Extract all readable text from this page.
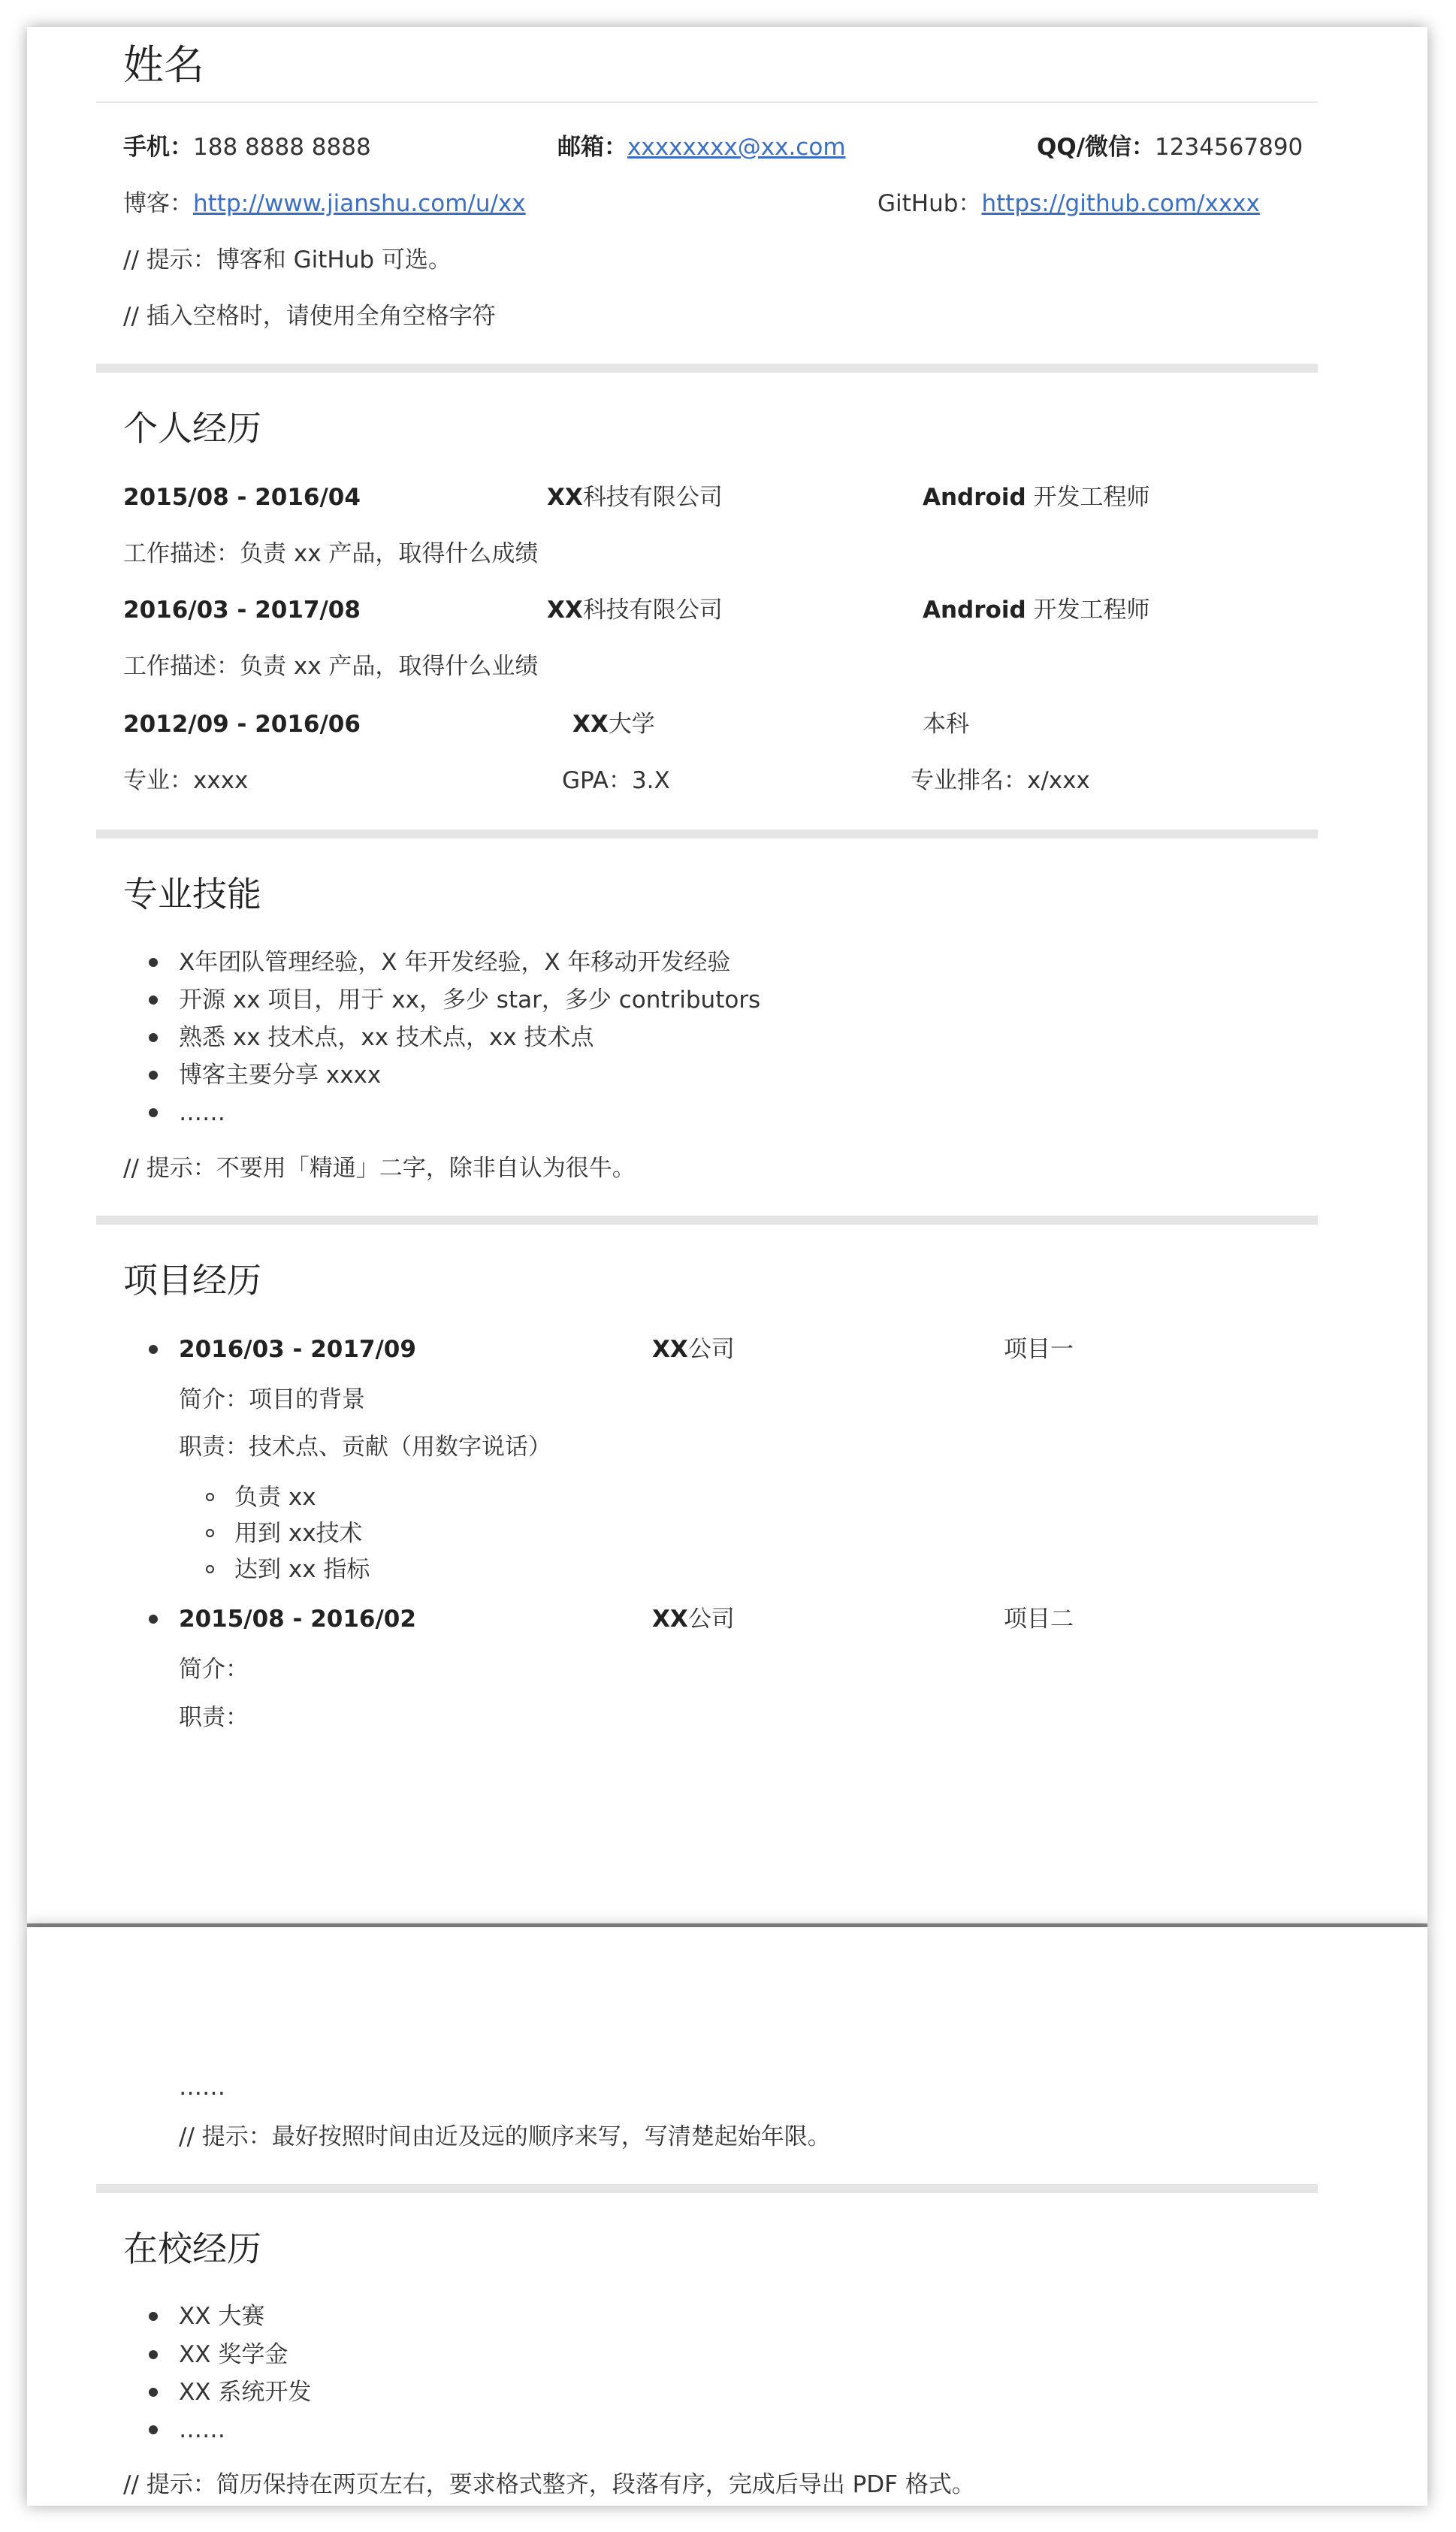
姓名
手机：188 8888 8888	邮箱：xxxxxxxx@xx.com	QQ/微信：1234567890
博客：http://www.jianshu.com/u/xx	GitHub：https://github.com/xxxx
// 提示：博客和 GitHub 可选。
// 插入空格时，请使用全角空格字符
个人经历
2015/08 - 2016/04	XX科技有限公司	Android 开发工程师
工作描述：负责 xx 产品，取得什么成绩
2016/03 - 2017/08	XX科技有限公司	Android 开发工程师
工作描述：负责 xx 产品，取得什么业绩
2012/09 - 2016/06	XX大学	本科
专业：xxxx	GPA：3.X	专业排名：x/xxx
专业技能
X年团队管理经验，X 年开发经验，X 年移动开发经验
开源 xx 项目，用于 xx，多少 star，多少 contributors
熟悉 xx 技术点，xx 技术点，xx 技术点
博客主要分享 xxxx
……
// 提示：不要用「精通」二字，除非自认为很牛。
项目经历
2016/03 - 2017/09	XX公司	项目一
简介：项目的背景
职责：技术点、贡献（用数字说话）
负责 xx
用到 xx技术
达到 xx 指标
2015/08 - 2016/02	XX公司	项目二
简介：
职责：
……
// 提示：最好按照时间由近及远的顺序来写，写清楚起始年限。
在校经历
XX 大赛
XX 奖学金
XX 系统开发
……
// 提示：简历保持在两页左右，要求格式整齐，段落有序，完成后导出 PDF 格式。
